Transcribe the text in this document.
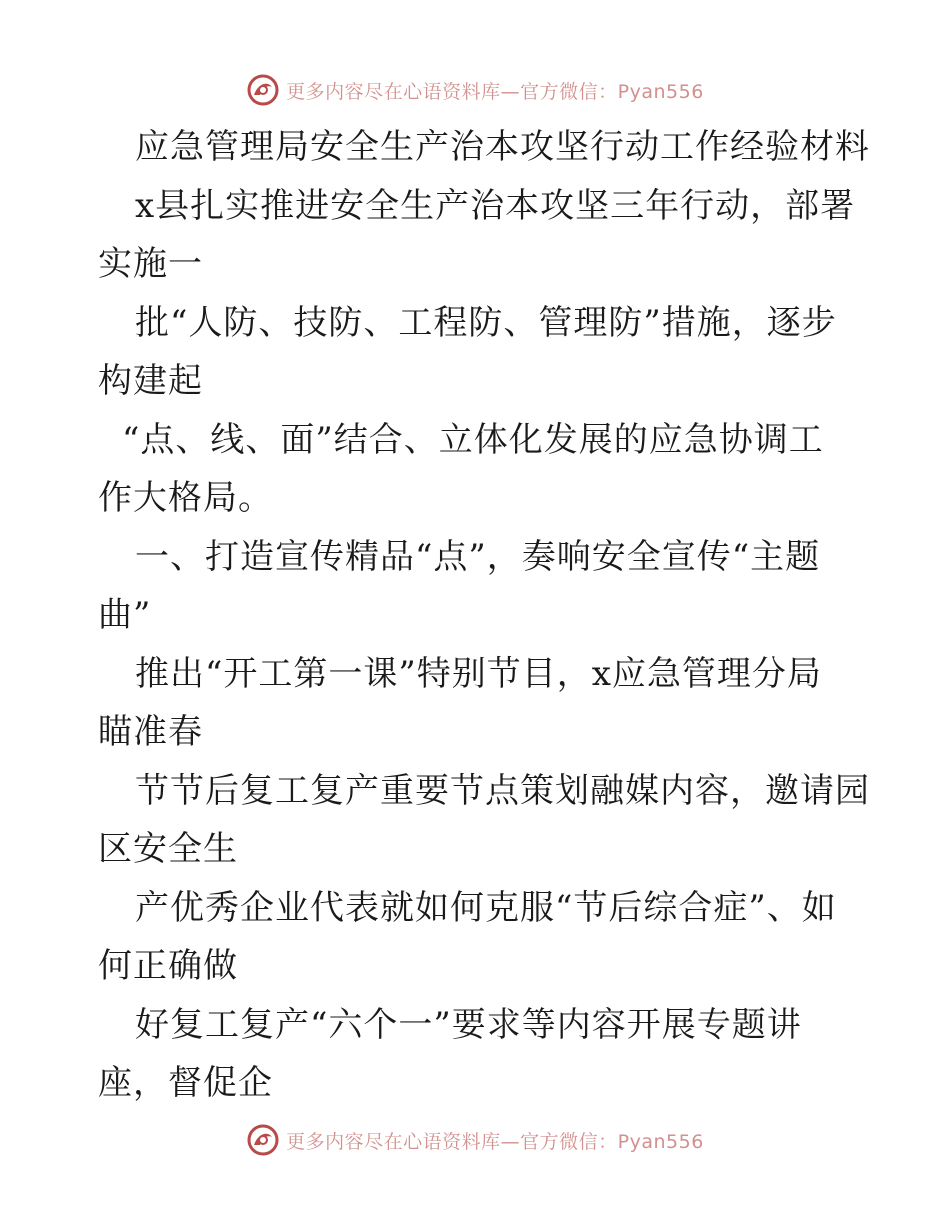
更多内容尽在心语资料库—官方微信：Pyan556
应急管理局安全生产治本攻坚行动工作经验材料
x县扎实推进安全生产治本攻坚三年行动，部署
实施一
批“人防、技防、工程防、管理防”措施，逐步
构建起
“点、线、面”结合、立体化发展的应急协调工
作大格局。
一、打造宣传精品“点”，奏响安全宣传“主题
曲”
推出“开工第一课”特别节目，x应急管理分局
瞄准春
节节后复工复产重要节点策划融媒内容，邀请园
区安全生
产优秀企业代表就如何克服“节后综合症”、如
何正确做
好复工复产“六个一”要求等内容开展专题讲
座，督促企
更多内容尽在心语资料库—官方微信：Pyan556
